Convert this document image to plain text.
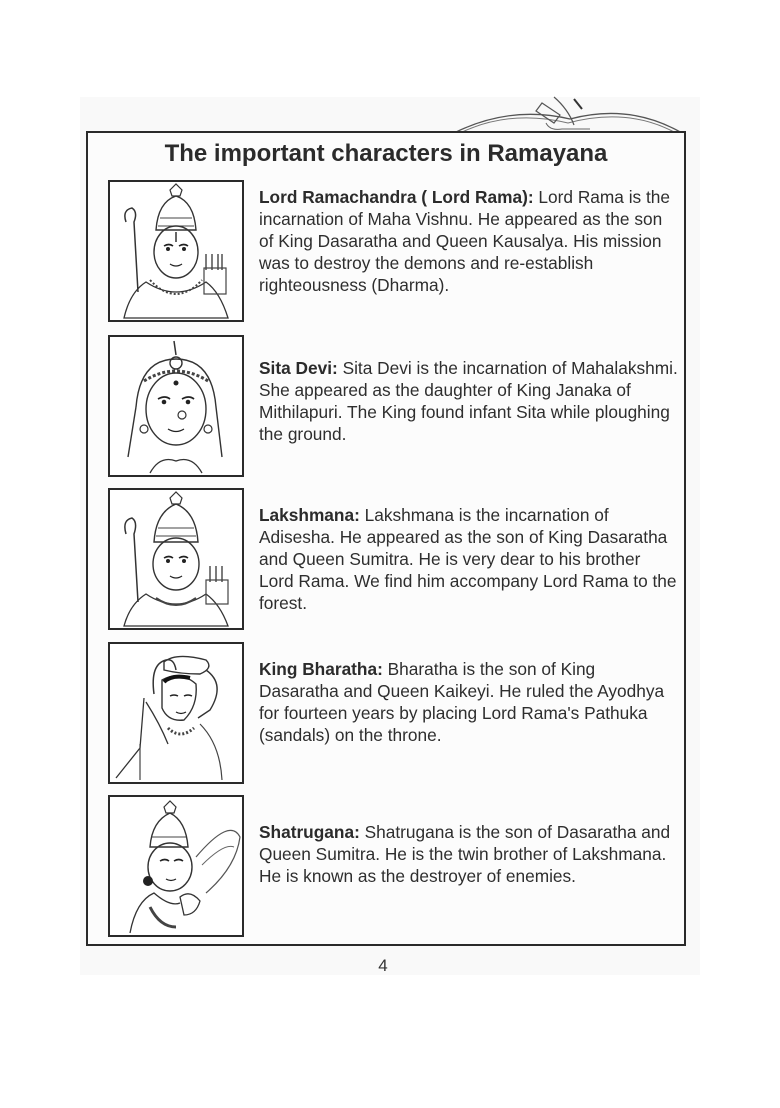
The important characters in Ramayana
Lord Ramachandra ( Lord Rama): Lord Rama is the incarnation of Maha Vishnu. He appeared as the son of King Dasaratha and Queen Kausalya. His mission was to destroy the demons and re-establish righteousness (Dharma).
Sita Devi: Sita Devi is the incarnation of Mahalakshmi. She appeared as the daughter of King Janaka of Mithilapuri. The King found infant Sita while ploughing the ground.
Lakshmana: Lakshmana is the incarnation of Adisesha. He appeared as the son of King Dasaratha and Queen Sumitra. He is very dear to his brother Lord Rama. We find him accompany Lord Rama to the forest.
King Bharatha: Bharatha is the son of King Dasaratha and Queen Kaikeyi. He ruled the Ayodhya for fourteen years by placing Lord Rama's Pathuka (sandals) on the throne.
Shatrugana: Shatrugana is the son of Dasaratha and Queen Sumitra. He is the twin brother of Lakshmana. He is known as the destroyer of enemies.
4
